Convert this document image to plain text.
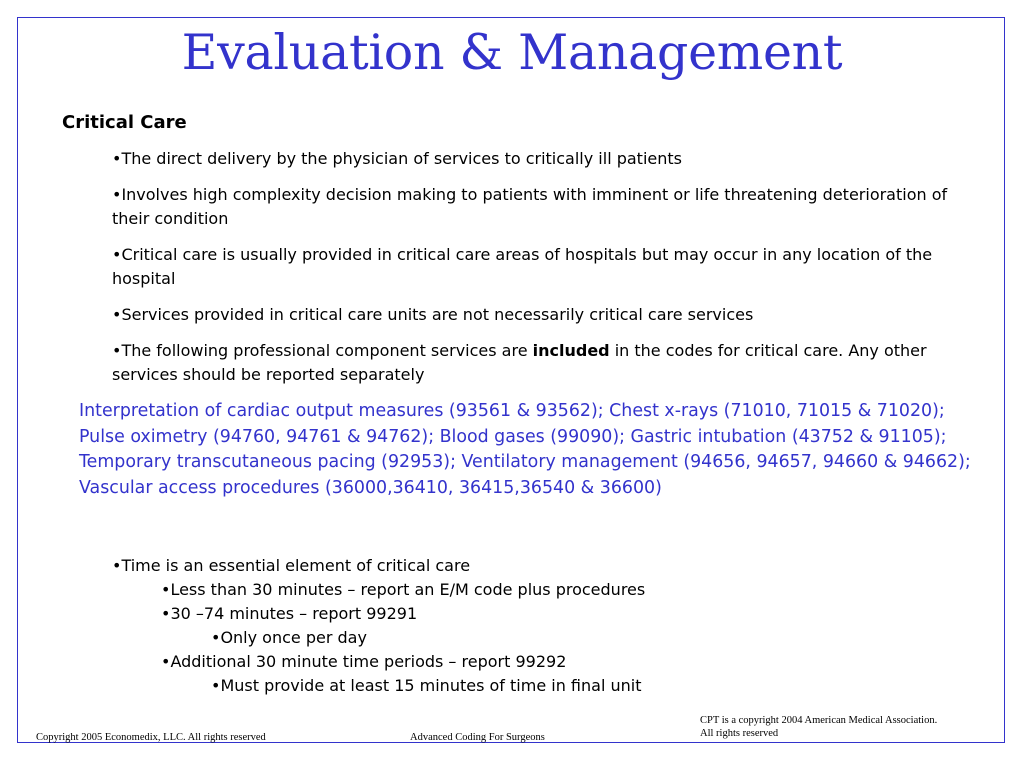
Evaluation & Management
Critical Care

•The direct delivery by the physician of services to critically ill patients

•Involves high complexity decision making to patients with imminent or life threatening deterioration of their condition

•Critical care is usually provided in critical care areas of hospitals but may occur in any location of the hospital

•Services provided in critical care units are not necessarily critical care services

•The following professional component services are included in the codes for critical care. Any other services should be reported separately

Interpretation of cardiac output measures (93561 & 93562); Chest x-rays (71010, 71015 & 71020);
Pulse oximetry (94760, 94761 & 94762); Blood gases (99090); Gastric intubation (43752 & 91105); Temporary transcutaneous pacing (92953); Ventilatory management (94656, 94657, 94660 & 94662);
Vascular access procedures (36000,36410, 36415,36540 & 36600)
•Time is an essential element of critical care
•Less than 30 minutes – report an E/M code plus procedures
•30 –74 minutes – report 99291
•Only once per day
•Additional 30 minute time periods – report 99292
•Must provide at least 15 minutes of time in final unit
Copyright 2005 Economedix, LLC. All rights reserved	Advanced Coding For Surgeons
CPT is a copyright 2004 American Medical Association.
All rights reserved
